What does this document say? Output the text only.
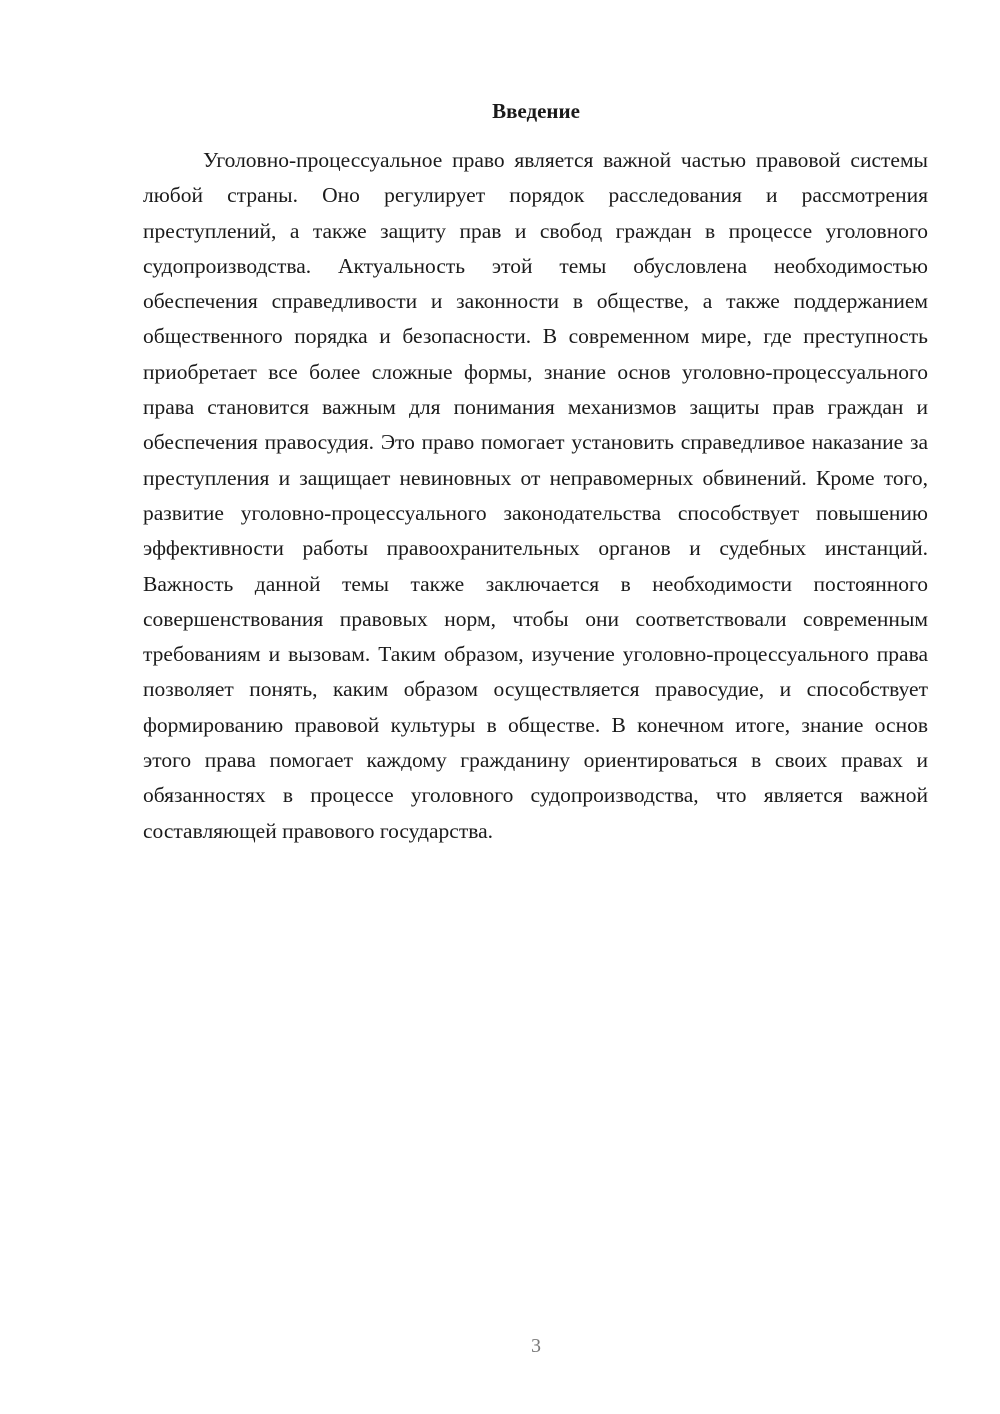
Введение

Уголовно-процессуальное право является важной частью правовой системы любой страны. Оно регулирует порядок расследования и рассмотрения преступлений, а также защиту прав и свобод граждан в процессе уголовного судопроизводства. Актуальность этой темы обусловлена необходимостью обеспечения справедливости и законности в обществе, а также поддержанием общественного порядка и безопасности. В современном мире, где преступность приобретает все более сложные формы, знание основ уголовно-процессуального права становится важным для понимания механизмов защиты прав граждан и обеспечения правосудия. Это право помогает установить справедливое наказание за преступления и защищает невиновных от неправомерных обвинений. Кроме того, развитие уголовно-процессуального законодательства способствует повышению эффективности работы правоохранительных органов и судебных инстанций. Важность данной темы также заключается в необходимости постоянного совершенствования правовых норм, чтобы они соответствовали современным требованиям и вызовам. Таким образом, изучение уголовно-процессуального права позволяет понять, каким образом осуществляется правосудие, и способствует формированию правовой культуры в обществе. В конечном итоге, знание основ этого права помогает каждому гражданину ориентироваться в своих правах и обязанностях в процессе уголовного судопроизводства, что является важной составляющей правового государства.

3
